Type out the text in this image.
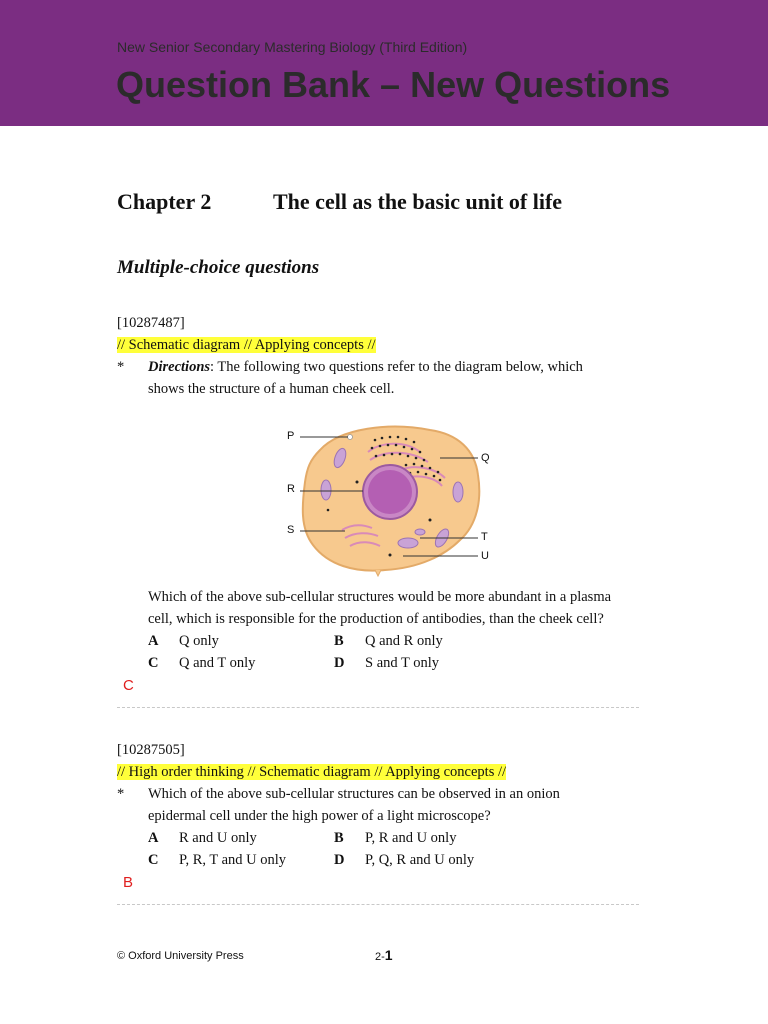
New Senior Secondary Mastering Biology (Third Edition)
Question Bank – New Questions
Chapter 2	The cell as the basic unit of life
Multiple-choice questions
[10287487]
// Schematic diagram // Applying concepts //
* Directions: The following two questions refer to the diagram below, which
shows the structure of a human cheek cell.
P
Q
R
S
T
U
Which of the above sub-cellular structures would be more abundant in a plasma
cell, which is responsible for the production of antibodies, than the cheek cell?
A Q only	B Q and R only
C Q and T only	D S and T only
C
[10287505]
// High order thinking // Schematic diagram // Applying concepts //
* Which of the above sub-cellular structures can be observed in an onion
epidermal cell under the high power of a light microscope?
A R and U only	B P, R and U only
C P, R, T and U only	D P, Q, R and U only
B
© Oxford University Press	2-1
